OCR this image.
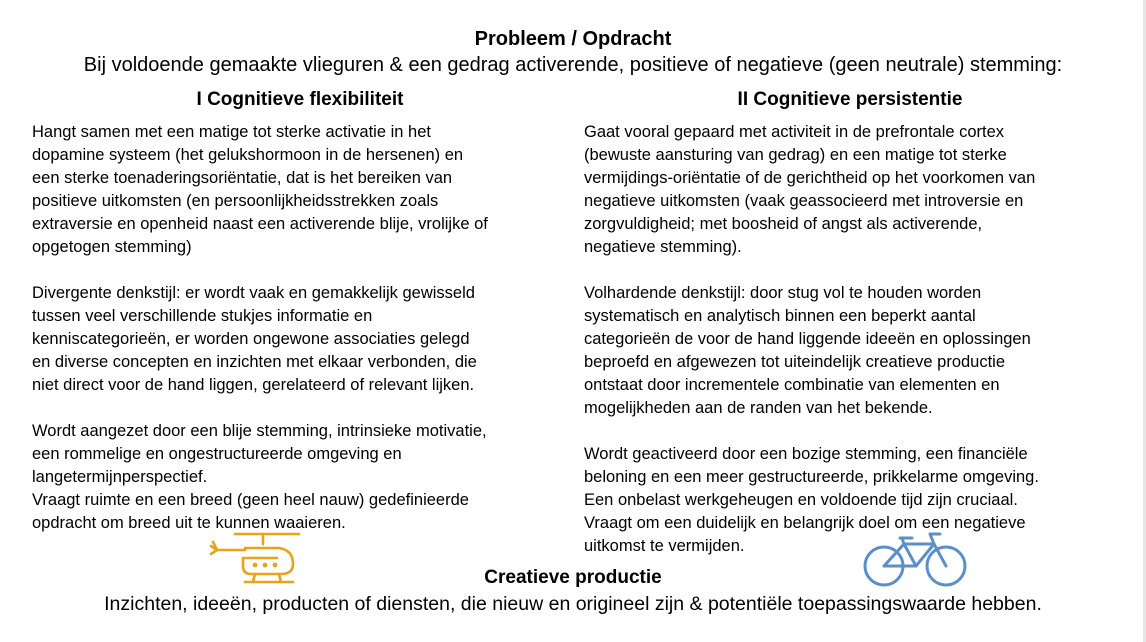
Probleem / Opdracht
Bij voldoende gemaakte vlieguren & een gedrag activerende, positieve of negatieve (geen neutrale) stemming:
I Cognitieve flexibiliteit	II Cognitieve persistentie

Hangt samen met een matige tot sterke activatie in het
dopamine systeem (het gelukshormoon in de hersenen) en
een sterke toenaderingsoriëntatie, dat is het bereiken van
positieve uitkomsten (en persoonlijkheidsstrekken zoals
extraversie en openheid naast een activerende blije, vrolijke of
opgetogen stemming)

Divergente denkstijl: er wordt vaak en gemakkelijk gewisseld
tussen veel verschillende stukjes informatie en
kenniscategorieën, er worden ongewone associaties gelegd
en diverse concepten en inzichten met elkaar verbonden, die
niet direct voor de hand liggen, gerelateerd of relevant lijken.

Wordt aangezet door een blije stemming, intrinsieke motivatie,
een rommelige en ongestructureerde omgeving en
langetermijnperspectief.
Vraagt ruimte en een breed (geen heel nauw) gedefinieerde
opdracht om breed uit te kunnen waaieren.

Gaat vooral gepaard met activiteit in de prefrontale cortex
(bewuste aansturing van gedrag) en een matige tot sterke
vermijdings-oriëntatie of de gerichtheid op het voorkomen van
negatieve uitkomsten (vaak geassocieerd met introversie en
zorgvuldigheid; met boosheid of angst als activerende,
negatieve stemming).

Volhardende denkstijl: door stug vol te houden worden
systematisch en analytisch binnen een beperkt aantal
categorieën de voor de hand liggende ideeën en oplossingen
beproefd en afgewezen tot uiteindelijk creatieve productie
ontstaat door incrementele combinatie van elementen en
mogelijkheden aan de randen van het bekende.

Wordt geactiveerd door een bozige stemming, een financiële
beloning en een meer gestructureerde, prikkelarme omgeving.
Een onbelast werkgeheugen en voldoende tijd zijn cruciaal.
Vraagt om een duidelijk en belangrijk doel om een negatieve
uitkomst te vermijden.

Creatieve productie
Inzichten, ideeën, producten of diensten, die nieuw en origineel zijn & potentiële toepassingswaarde hebben.
